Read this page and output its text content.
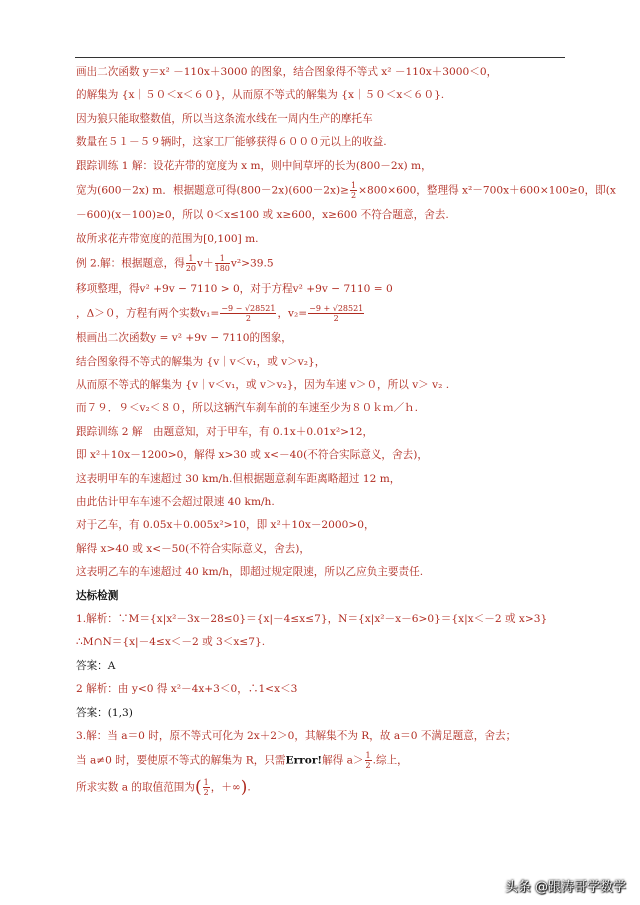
画出二次函数 y＝x² －110x＋3000 的图象，结合图象得不等式 x² －110x＋3000＜0，
的解集为 {x｜５０＜x＜６０}，从而原不等式的解集为 {x｜５０＜x＜６０}.
因为狼只能取整数值，所以当这条流水线在一周内生产的摩托车
数量在５１－５９辆时，这家工厂能够获得６０００元以上的收益.
跟踪训练 1 解：设花卉带的宽度为 x m，则中间草坪的长为(800－2x) m，
宽为(600－2x) m．根据题意可得$(800-2x)(600-2x)\ge \frac{1}{2} \times 800\times 600$，整理得 x²－700x＋600×100≥0，即(x
－600)(x－100)≥0，所以 0＜x≤100 或 x≥600，x≥600 不符合题意，舍去.
故所求花卉带宽度的范围为[0,100] m.
例 2.解：根据题意，得 $\frac{1}{20} v+ \frac{1}{180} v^2>39.5$
移项整理，得v² +9v − 7110 > 0，对于方程v² +9v − 7110 = 0
，Δ＞０，方程有两个实数$v_1= \frac{-9 - √28521}{2}$ ，$v_2= \frac{-9 + √28521}{2}$
根画出二次函数y = v² +9v − 7110的图象，
结合图象得不等式的解集为 {v｜v＜v₁，或 v＞v₂}，
从而原不等式的解集为 {v｜v＜v₁，或 v＞v₂}，因为车速 v＞０，所以 v＞ v₂ .
而７９．９＜v₂＜８０，所以这辆汽车刹车前的车速至少为８０ｋｍ／ｈ.
跟踪训练 2 解　由题意知，对于甲车，有 0.1x＋0.01x²>12，
即 x²＋10x－1200>0，解得 x>30 或 x<－40(不符合实际意义，舍去)，
这表明甲车的车速超过 30 km/h.但根据题意刹车距离略超过 12 m，
由此估计甲车车速不会超过限速 40 km/h.
对于乙车，有 0.05x＋0.005x²>10，即 x²＋10x－2000>0，
解得 x>40 或 x<－50(不符合实际意义，舍去)，
这表明乙车的车速超过 40 km/h，即超过规定限速，所以乙应负主要责任.
达标检测
1.解析：∵M＝{x|x²－3x－28≤0}＝{x|－4≤x≤7}，N＝{x|x²－x－6>0}＝{x|x＜－2 或 x>3}
∴M∩N＝{x|－4≤x＜－2 或 3＜x≤7}.
答案：A
2 解析：由 y<0 得 x²－4x+3＜0，∴1<x＜3
答案：(1,3)
3.解：当 a＝0 时，原不等式可化为 2x＋2＞0，其解集不为 R，故 a＝0 不满足题意，舍去；
当 a≠0 时，要使原不等式的解集为 R，只需Error!解得 $a> \frac{1}{2}$ .综上，
所求实数 a 的取值范围为( $\frac{1}{2}$ ，＋∞).
头条 @跟涛哥学数学
